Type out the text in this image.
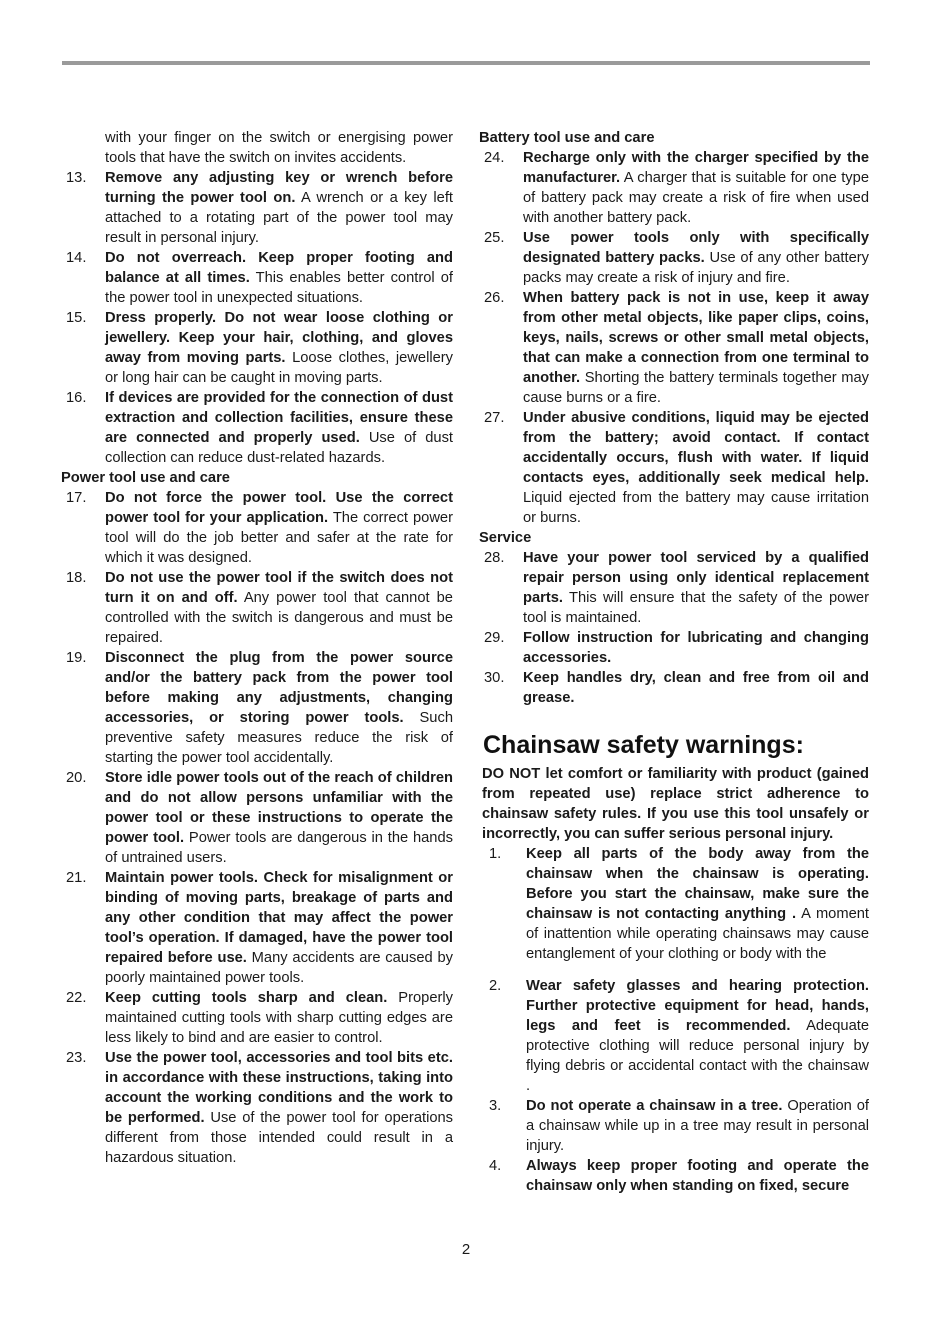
with your finger on the switch or energising power tools that have the switch on invites accidents.
13.	Remove any adjusting key or wrench before turning the power tool on. A wrench or a key left attached to a rotating part of the power tool may result in personal injury.
14.	Do not overreach. Keep proper footing and balance at all times. This enables better control of the power tool in unexpected situations.
15.	Dress properly. Do not wear loose clothing or jewellery. Keep your hair, clothing, and gloves away from moving parts. Loose clothes, jewellery or long hair can be caught in moving parts.
16.	If devices are provided for the connection of dust extraction and collection facilities, ensure these are connected and properly used. Use of dust collection can reduce dust-related hazards.
Power tool use and care
17.	Do not force the power tool. Use the correct power tool for your application. The correct power tool will do the job better and safer at the rate for which it was designed.
18.	Do not use the power tool if the switch does not turn it on and off. Any power tool that cannot be controlled with the switch is dangerous and must be repaired.
19.	Disconnect the plug from the power source and/or the battery pack from the power tool before making any adjustments, changing accessories, or storing power tools. Such preventive safety measures reduce the risk of starting the power tool accidentally.
20.	Store idle power tools out of the reach of children and do not allow persons unfamiliar with the power tool or these instructions to operate the power tool. Power tools are dangerous in the hands of untrained users.
21.	Maintain power tools. Check for misalignment or binding of moving parts, breakage of parts and any other condition that may affect the power tool’s operation. If damaged, have the power tool repaired before use. Many accidents are caused by poorly maintained power tools.
22.	Keep cutting tools sharp and clean. Properly maintained cutting tools with sharp cutting edges are less likely to bind and are easier to control.
23.	Use the power tool, accessories and tool bits etc. in accordance with these instructions, taking into account the working conditions and the work to be performed. Use of the power tool for operations different from those intended could result in a hazardous situation.
Battery tool use and care
24.	Recharge only with the charger specified by the manufacturer. A charger that is suitable for one type of battery pack may create a risk of fire when used with another battery pack.
25.	Use power tools only with specifically designated battery packs. Use of any other battery packs may create a risk of injury and fire.
26.	When battery pack is not in use, keep it away from other metal objects, like paper clips, coins, keys, nails, screws or other small metal objects, that can make a connection from one terminal to another. Shorting the battery terminals together may cause burns or a fire.
27.	Under abusive conditions, liquid may be ejected from the battery; avoid contact. If contact accidentally occurs, flush with water. If liquid contacts eyes, additionally seek medical help. Liquid ejected from the battery may cause irritation or burns.
Service
28.	Have your power tool serviced by a qualified repair person using only identical replacement parts. This will ensure that the safety of the power tool is maintained.
29.	Follow instruction for lubricating and changing accessories.
30.	Keep handles dry, clean and free from oil and grease.
Chainsaw safety warnings:
DO NOT let comfort or familiarity with product (gained from repeated use) replace strict adherence to chainsaw safety rules. If you use this tool unsafely or incorrectly, you can suffer serious personal injury.
1.	Keep all parts of the body away from the chainsaw when the chainsaw is operating. Before you start the chainsaw, make sure the chainsaw is not contacting anything . A moment of inattention while operating chainsaws may cause entanglement of your clothing or body with the
2.	Wear safety glasses and hearing protection. Further protective equipment for head, hands, legs and feet is recommended. Adequate protective clothing will reduce personal injury by flying debris or accidental contact with the chainsaw .
3.	Do not operate a chainsaw in a tree. Operation of a chainsaw while up in a tree may result in personal injury.
4.	Always keep proper footing and operate the chainsaw only when standing on fixed, secure
2
